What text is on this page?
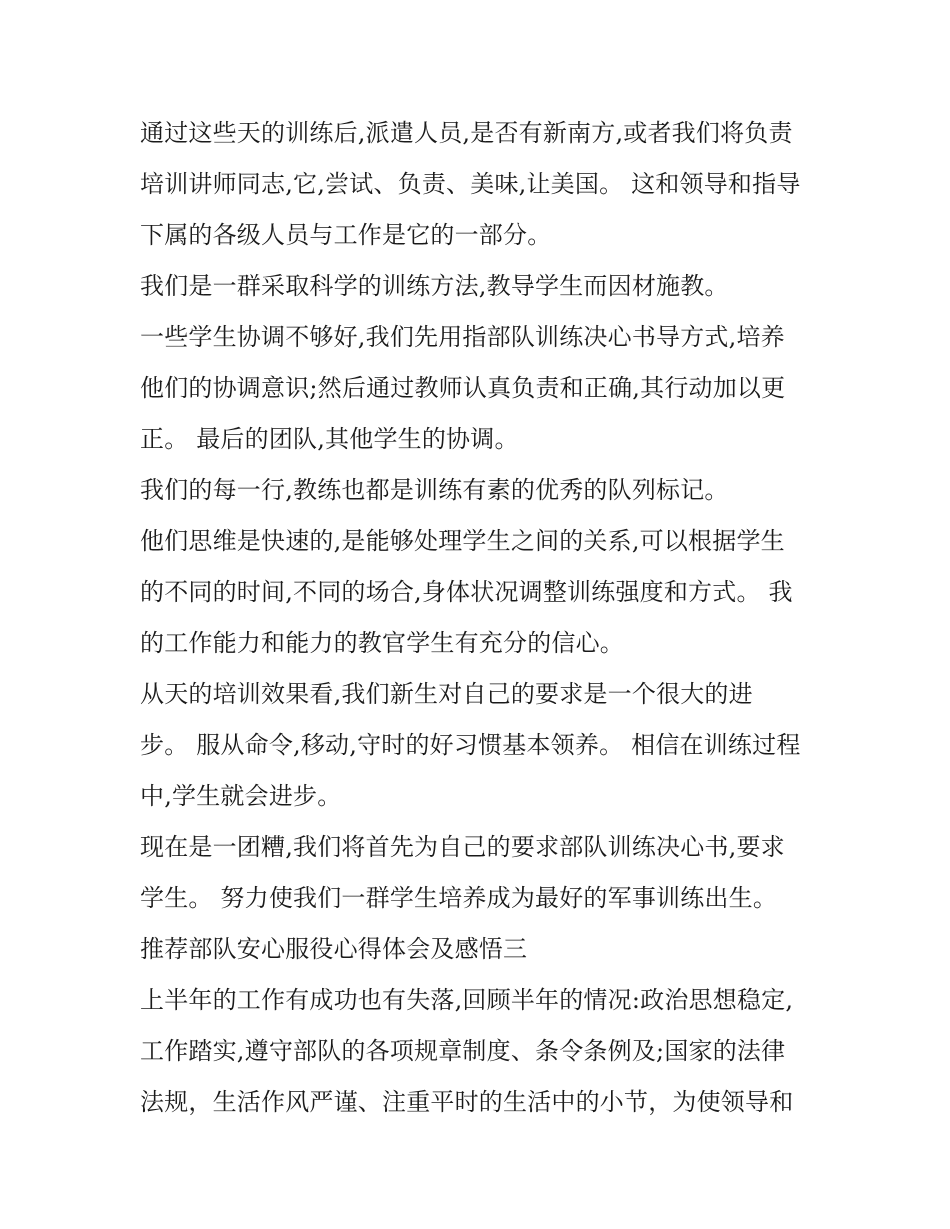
通过这些天的训练后,派遣人员,是否有新南方,或者我们将负责
培训讲师同志,它,尝试、负责、美味,让美国。 这和领导和指导
下属的各级人员与工作是它的一部分。
我们是一群采取科学的训练方法,教导学生而因材施教。
一些学生协调不够好,我们先用指部队训练决心书导方式,培养
他们的协调意识;然后通过教师认真负责和正确,其行动加以更
正。 最后的团队,其他学生的协调。
我们的每一行,教练也都是训练有素的优秀的队列标记。
他们思维是快速的,是能够处理学生之间的关系,可以根据学生
的不同的时间,不同的场合,身体状况调整训练强度和方式。 我
的工作能力和能力的教官学生有充分的信心。
从天的培训效果看,我们新生对自己的要求是一个很大的进
步。 服从命令,移动,守时的好习惯基本领养。 相信在训练过程
中,学生就会进步。
现在是一团糟,我们将首先为自己的要求部队训练决心书,要求
学生。 努力使我们一群学生培养成为最好的军事训练出生。
推荐部队安心服役心得体会及感悟三
上半年的工作有成功也有失落,回顾半年的情况:政治思想稳定,
工作踏实,遵守部队的各项规章制度、条令条例及;国家的法律
法规，生活作风严谨、注重平时的生活中的小节，为使领导和
